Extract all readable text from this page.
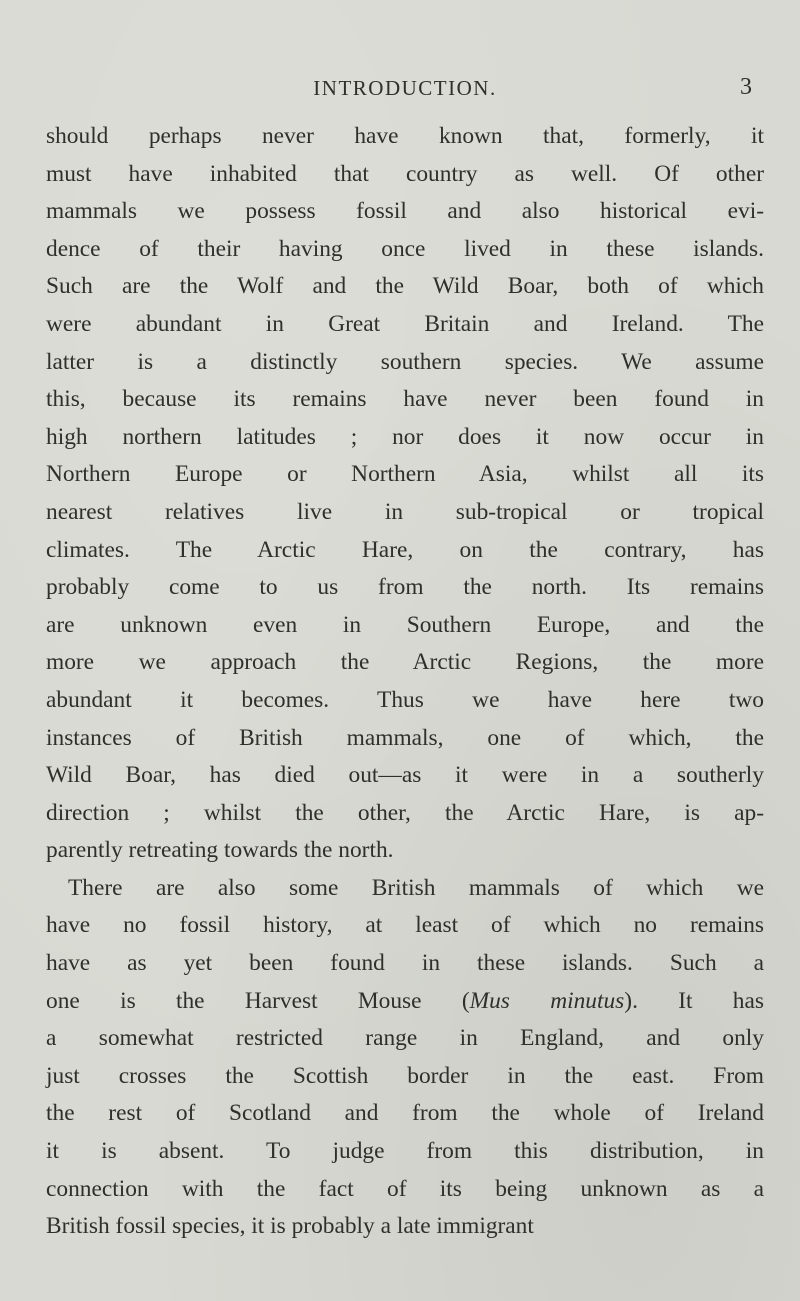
INTRODUCTION.	3
should perhaps never have known that, formerly, it
must have inhabited that country as well. Of other
mammals we possess fossil and also historical evi-
dence of their having once lived in these islands.
Such are the Wolf and the Wild Boar, both of which
were abundant in Great Britain and Ireland. The
latter is a distinctly southern species. We assume
this, because its remains have never been found in
high northern latitudes ; nor does it now occur in
Northern Europe or Northern Asia, whilst all its
nearest relatives live in sub-tropical or tropical
climates. The Arctic Hare, on the contrary, has
probably come to us from the north. Its remains
are unknown even in Southern Europe, and the
more we approach the Arctic Regions, the more
abundant it becomes. Thus we have here two
instances of British mammals, one of which, the
Wild Boar, has died out—as it were in a southerly
direction ; whilst the other, the Arctic Hare, is ap-
parently retreating towards the north.
There are also some British mammals of which we
have no fossil history, at least of which no remains
have as yet been found in these islands. Such a
one is the Harvest Mouse (Mus minutus). It has
a somewhat restricted range in England, and only
just crosses the Scottish border in the east. From
the rest of Scotland and from the whole of Ireland
it is absent. To judge from this distribution, in
connection with the fact of its being unknown as a
British fossil species, it is probably a late immigrant
